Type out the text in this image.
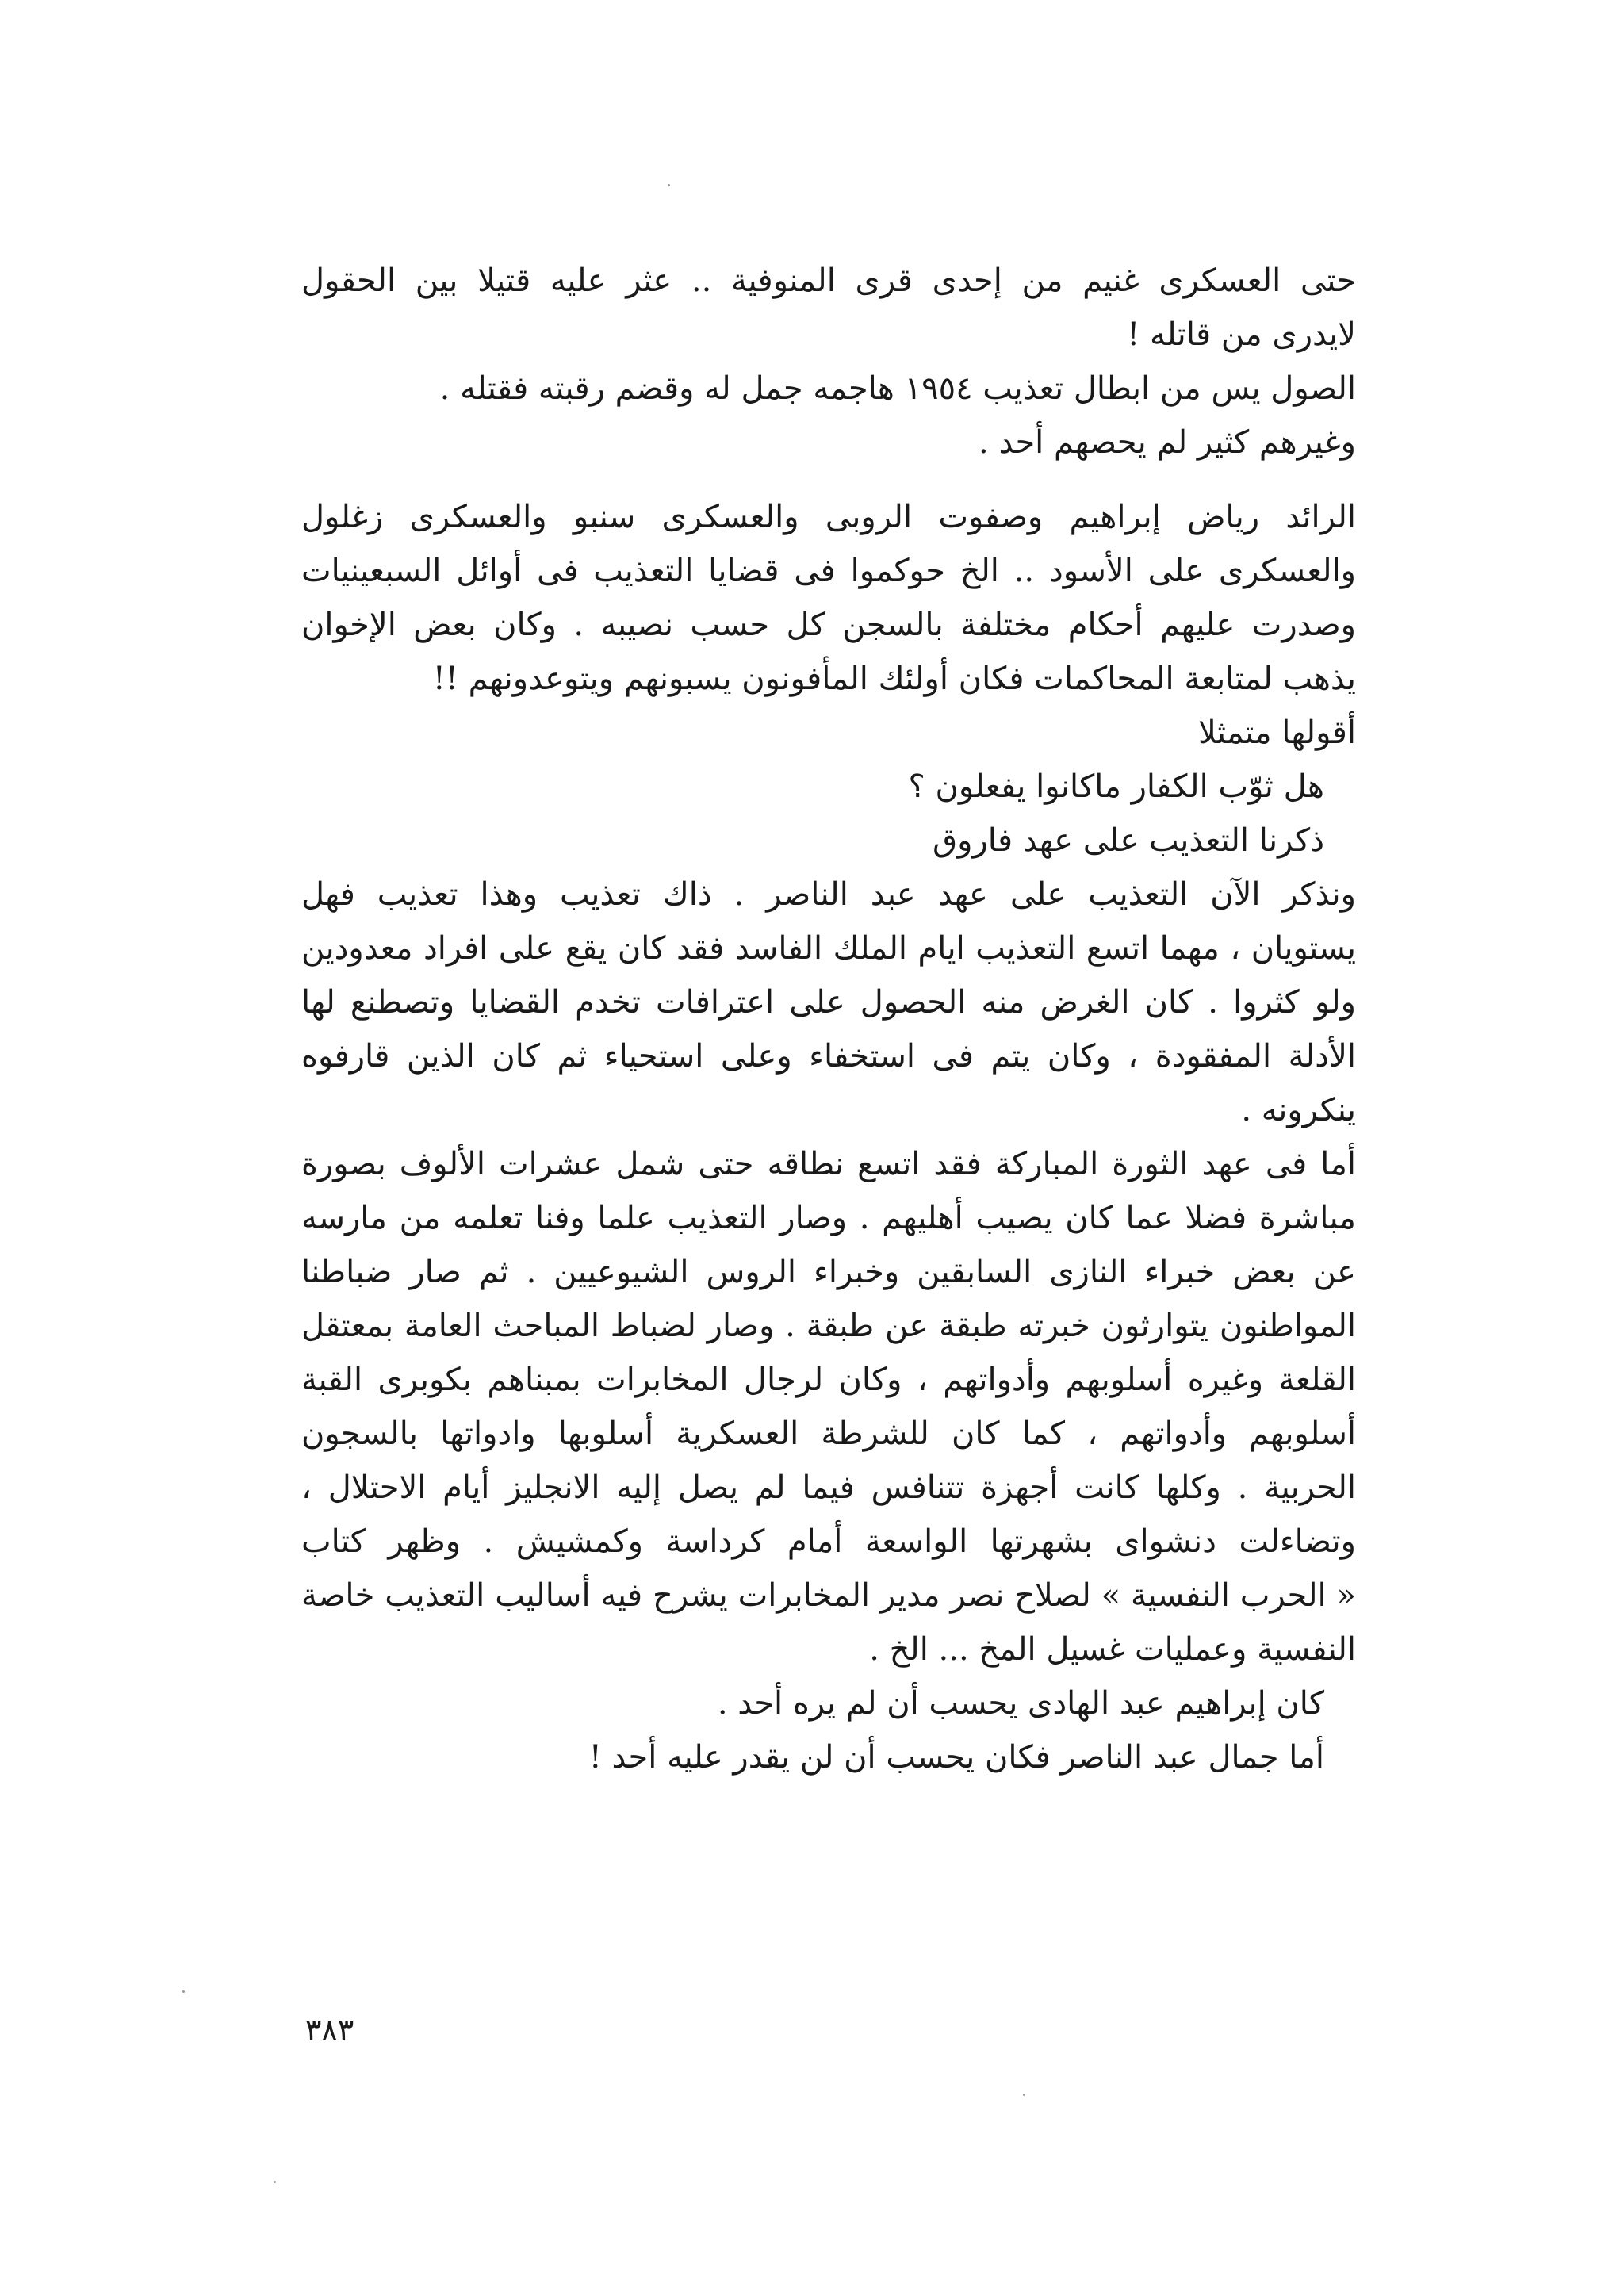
حتى العسكرى غنيم من إحدى قرى المنوفية .. عثر عليه قتيلا بين الحقول
لايدرى من قاتله !

الصول يس من ابطال تعذيب ١٩٥٤ هاجمه جمل له وقضم رقبته فقتله .
وغيرهم كثير لم يحصهم أحد .

الرائد رياض إبراهيم وصفوت الروبى والعسكرى سنبو والعسكرى زغلول
والعسكرى على الأسود .. الخ حوكموا فى قضايا التعذيب فى أوائل السبعينيات
وصدرت عليهم أحكام مختلفة بالسجن كل حسب نصيبه . وكان بعض الإخوان
يذهب لمتابعة المحاكمات فكان أولئك المأفونون يسبونهم ويتوعدونهم !!

أقولها متمثلا

هل ثوّب الكفار ماكانوا يفعلون ؟
ذكرنا التعذيب على عهد فاروق

ونذكر الآن التعذيب على عهد عبد الناصر . ذاك تعذيب وهذا تعذيب فهل
يستويان ، مهما اتسع التعذيب ايام الملك الفاسد فقد كان يقع على افراد معدودين
ولو كثروا . كان الغرض منه الحصول على اعترافات تخدم القضايا وتصطنع لها
الأدلة المفقودة ، وكان يتم فى استخفاء وعلى استحياء ثم كان الذين قارفوه
ينكرونه .

أما فى عهد الثورة المباركة فقد اتسع نطاقه حتى شمل عشرات الألوف بصورة
مباشرة فضلا عما كان يصيب أهليهم . وصار التعذيب علما وفنا تعلمه من مارسه
عن بعض خبراء النازى السابقين وخبراء الروس الشيوعيين . ثم صار ضباطنا
المواطنون يتوارثون خبرته طبقة عن طبقة . وصار لضباط المباحث العامة بمعتقل
القلعة وغيره أسلوبهم وأدواتهم ، وكان لرجال المخابرات بمبناهم بكوبرى القبة
أسلوبهم وأدواتهم ، كما كان للشرطة العسكرية أسلوبها وادواتها بالسجون
الحربية . وكلها كانت أجهزة تتنافس فيما لم يصل إليه الانجليز أيام الاحتلال ،
وتضاءلت دنشواى بشهرتها الواسعة أمام كرداسة وكمشيش . وظهر كتاب
« الحرب النفسية » لصلاح نصر مدير المخابرات يشرح فيه أساليب التعذيب خاصة
النفسية وعمليات غسيل المخ ... الخ .

كان إبراهيم عبد الهادى يحسب أن لم يره أحد .
أما جمال عبد الناصر فكان يحسب أن لن يقدر عليه أحد !

٣٨٣
